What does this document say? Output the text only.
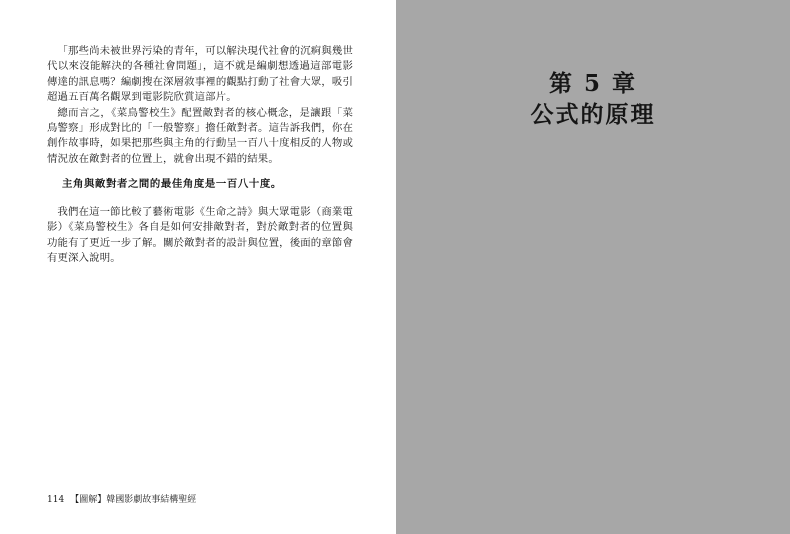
「那些尚未被世界污染的青年，可以解決現代社會的沉痾與幾世代以來沒能解決的各種社會問題」，這不就是編劇想透過這部電影傳達的訊息嗎？編劇搜在深層敘事裡的觀點打動了社會大眾，吸引超過五百萬名觀眾到電影院欣賞這部片。

總而言之，《菜鳥警校生》配置敵對者的核心概念，是讓跟「菜鳥警察」形成對比的「一般警察」擔任敵對者。這告訴我們，你在創作故事時，如果把那些與主角的行動呈一百八十度相反的人物或情況放在敵對者的位置上，就會出現不錯的結果。

主角與敵對者之間的最佳角度是一百八十度。

我們在這一節比較了藝術電影《生命之詩》與大眾電影（商業電影）《菜鳥警校生》各自是如何安排敵對者，對於敵對者的位置與功能有了更近一步了解。關於敵對者的設計與位置，後面的章節會有更深入說明。

114 【圖解】韓國影劇故事結構聖經
第 5 章
公式的原理
